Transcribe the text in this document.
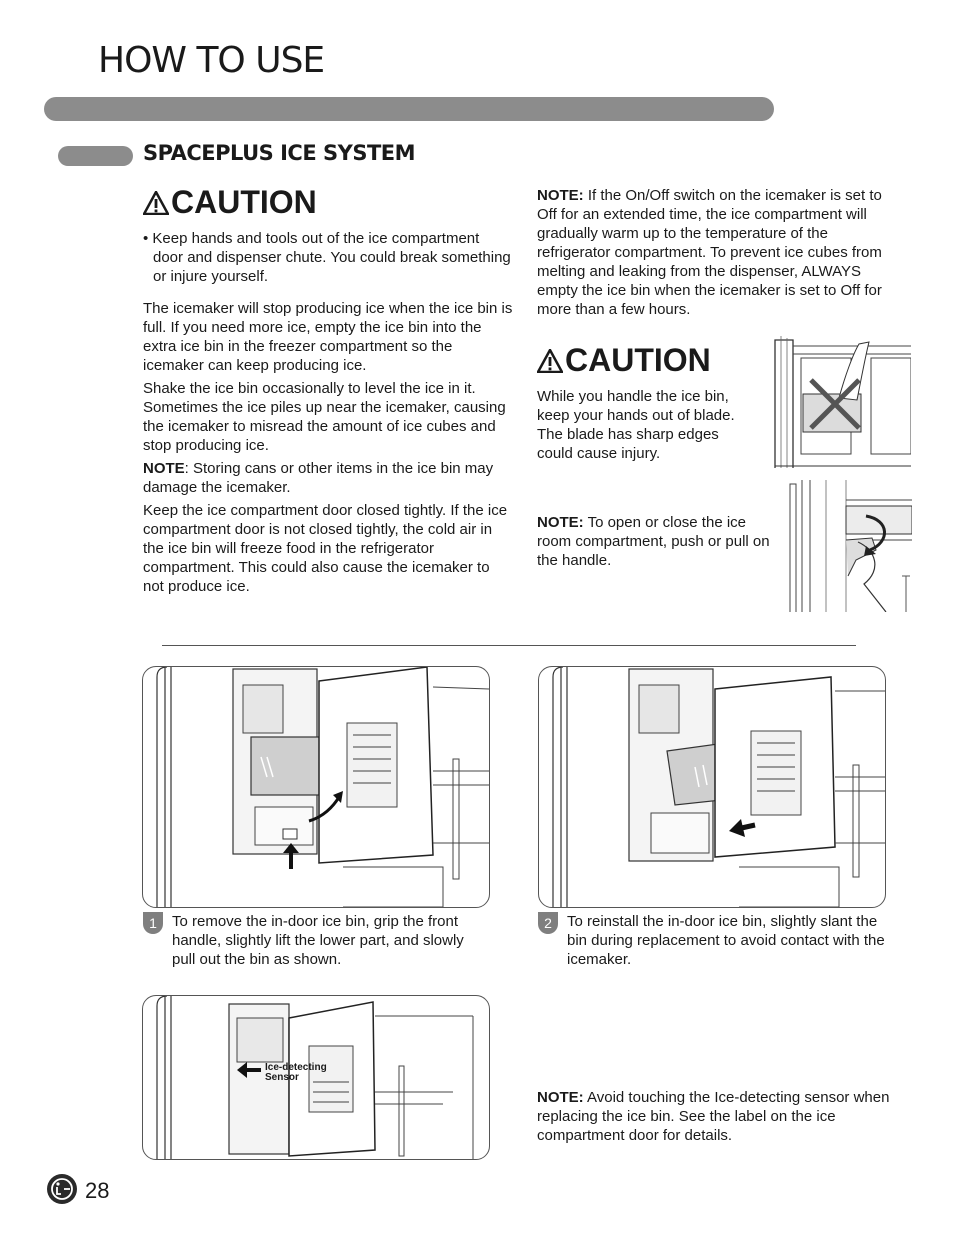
HOW TO USE
SPACEPLUS ICE SYSTEM
CAUTION

• Keep hands and tools out of the ice compartment door and dispenser chute. You could break something or injure yourself.

The icemaker will stop producing ice when the ice bin is full. If you need more ice, empty the ice bin into the extra ice bin in the freezer compartment so the icemaker can keep producing ice.

Shake the ice bin occasionally to level the ice in it. Sometimes the ice piles up near the icemaker, causing the icemaker to misread the amount of ice cubes and stop producing ice.

NOTE: Storing cans or other items in the ice bin may damage the icemaker.

Keep the ice compartment door closed tightly. If the ice compartment door is not closed tightly, the cold air in the ice bin will freeze food in the refrigerator compartment. This could also cause the icemaker to not produce ice.

NOTE: If the On/Off switch on the icemaker is set to Off for an extended time, the ice compartment will gradually warm up to the temperature of the refrigerator compartment. To prevent ice cubes from melting and leaking from the dispenser, ALWAYS empty the ice bin when the icemaker is set to Off for more than a few hours.

CAUTION

While you handle the ice bin, keep your hands out of blade. The blade has sharp edges could cause injury.

NOTE: To open or close the ice room compartment, push or pull on the handle.

1	To remove the in-door ice bin, grip the front handle, slightly lift the lower part, and slowly pull out the bin as shown.

2	To reinstall the in-door ice bin, slightly slant the bin during replacement to avoid contact with the icemaker.

Ice-detecting
Sensor

NOTE: Avoid touching the Ice-detecting sensor when replacing the ice bin. See the label on the ice compartment door for details.

28
